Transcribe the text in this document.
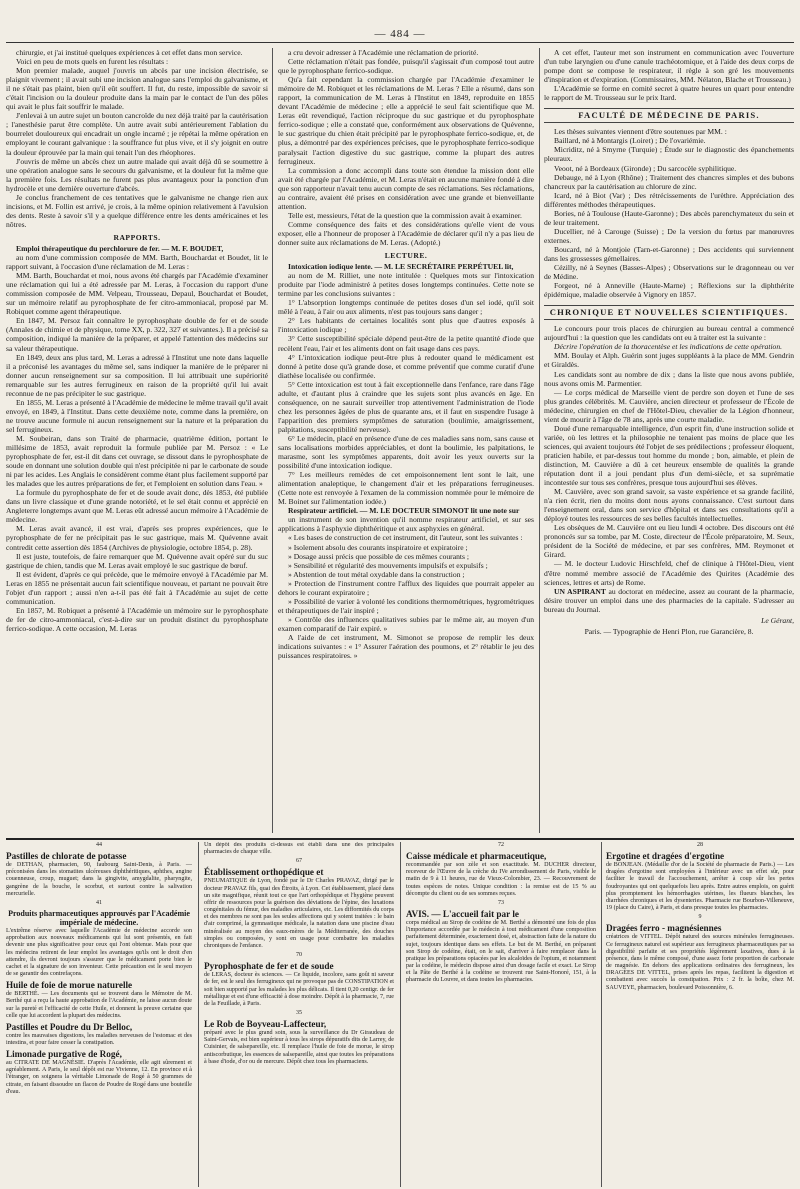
— 484 —

chirurgie, et j'ai institué quelques expériences à cet effet dans mon service.

Voici en peu de mots quels en furent les résultats :

Mon premier malade, auquel j'ouvris un abcès par une incision électrisée, se plaignit vivement ; il avait subi une incision analogue sans l'emploi du galvanisme, et il ne s'était pas plaint, bien qu'il eût souffert. Il fut, du reste, impossible de savoir si c'était l'incision ou la douleur produite dans la main par le contact de l'un des pôles qui avait le plus fait souffrir le malade.

J'enlevai à un autre sujet un bouton cancroïde du nez déjà traité par la cautérisation ; l'anesthésie parut être complète. Un autre avait subi antérieurement l'ablation du bourrelet douloureux qui encadrait un ongle incarné ; je répétai la même opération en employant le courant galvanique : la souffrance fut plus vive, et il s'y joignit en outre la douleur éprouvée par la main qui tenait l'un des rhéophores.

J'ouvris de même un abcès chez un autre malade qui avait déjà dû se soumettre à une opération analogue sans le secours du galvanisme, et la douleur fut la même que la première fois. Les résultats ne furent pas plus avantageux pour la ponction d'un hydrocèle et une dernière ouverture d'abcès.

Je conclus franchement de ces tentatives que le galvanisme ne change rien aux incisions, et M. Follin est arrivé, je crois, à la même opinion relativement à l'avulsion des dents. Reste à savoir s'il y a quelque différence entre les dents américaines et les nôtres.

RAPPORTS.

Emploi thérapeutique du perchlorure de fer. — M. F. BOUDET,

au nom d'une commission composée de MM. Barth, Bouchardat et Boudet, lit le rapport suivant, à l'occasion d'une réclamation de M. Leras :

MM. Barth, Bouchardat et moi, nous avons été chargés par l'Académie d'examiner une réclamation qui lui a été adressée par M. Leras, à l'occasion du rapport d'une commission composée de MM. Velpeau, Trousseau, Depaul, Bouchardat et Boudet, sur un mémoire relatif au pyrophosphate de fer citro-ammoniacal, proposé par M. Robiquet comme agent thérapeutique.

En 1847, M. Persoz fait connaître le pyrophosphate double de fer et de soude (Annales de chimie et de physique, tome XX, p. 322, 327 et suivantes.). Il a précisé sa composition, indiqué la manière de la préparer, et appelé l'attention des médecins sur sa valeur thérapeutique.

En 1849, deux ans plus tard, M. Leras a adressé à l'Institut une note dans laquelle il a préconisé les avantages du même sel, sans indiquer la manière de le préparer ni donner aucun renseignement sur sa composition. Il lui attribuait une supériorité remarquable sur les autres ferrugineux en raison de la propriété qu'il lui avait reconnue de ne pas précipiter le suc gastrique.

En 1855, M. Leras a présenté à l'Académie de médecine le même travail qu'il avait envoyé, en 1849, à l'Institut. Dans cette deuxième note, comme dans la première, on ne trouve aucune formule ni aucun renseignement sur la nature et la préparation du sel ferrugineux.

M. Soubeiran, dans son Traité de pharmacie, quatrième édition, portant le millésime de 1853, avait reproduit la formule publiée par M. Persoz : « Le pyrophosphate de fer, est-il dit dans cet ouvrage, se dissout dans le pyrophosphate de soude en donnant une solution double qui n'est précipitée ni par le carbonate de soude ni par les acides. Les Anglais le considèrent comme étant plus facilement supporté par les malades que les autres préparations de fer, et l'emploient en solution dans l'eau. »

La formule du pyrophosphate de fer et de soude avait donc, dès 1853, été publiée dans un livre classique et d'une grande notoriété, et le sel était connu et apprécié en Angleterre longtemps avant que M. Leras eût adressé aucun mémoire à l'Académie de médecine.

M. Leras avait avancé, il est vrai, d'après ses propres expériences, que le pyrophosphate de fer ne précipitait pas le suc gastrique, mais M. Quévenne avait contredit cette assertion dès 1854 (Archives de physiologie, octobre 1854, p. 28).

Il est juste, toutefois, de faire remarquer que M. Quévenne avait opéré sur du suc gastrique de chien, tandis que M. Leras avait employé le suc gastrique de bœuf.

Il est évident, d'après ce qui précède, que le mémoire envoyé à l'Académie par M. Leras en 1855 ne présentait aucun fait scientifique nouveau, et partant ne pouvait être l'objet d'un rapport ; aussi n'en a-t-il pas été fait à l'Académie au sujet de cette communication.

En 1857, M. Robiquet a présenté à l'Académie un mémoire sur le pyrophosphate de fer de citro-ammoniacal, c'est-à-dire sur un produit distinct du pyrophosphate ferrico-sodique. A cette occasion, M. Leras

a cru devoir adresser à l'Académie une réclamation de priorité.

Cette réclamation n'était pas fondée, puisqu'il s'agissait d'un composé tout autre que le pyrophosphate ferrico-sodique.

Qu'a fait cependant la commission chargée par l'Académie d'examiner le mémoire de M. Robiquet et les réclamations de M. Leras ? Elle a résumé, dans son rapport, la communication de M. Leras à l'Institut en 1849, reproduite en 1855 devant l'Académie de médecine ; elle a apprécié le seul fait scientifique que M. Leras eût revendiqué, l'action réciproque du suc gastrique et du pyrophosphate ferrico-sodique ; elle a constaté que, conformément aux observations de Quévenne, le suc gastrique du chien était précipité par le pyrophosphate ferrico-sodique, et, de plus, a démontré par des expériences précises, que le pyrophosphate ferrico-sodique paralysait l'action digestive du suc gastrique, comme la plupart des autres ferrugineux.

La commission a donc accompli dans toute son étendue la mission dont elle avait été chargée par l'Académie, et M. Leras n'était en aucune manière fondé à dire que son rapporteur n'avait tenu aucun compte de ses réclamations. Ses réclamations, au contraire, avaient été prises en considération avec une grande et bienveillante attention.

Telle est, messieurs, l'état de la question que la commission avait à examiner.

Comme conséquence des faits et des considérations qu'elle vient de vous exposer, elle a l'honneur de proposer à l'Académie de déclarer qu'il n'y a pas lieu de donner suite aux réclamations de M. Leras. (Adopté.)

LECTURE.

Intoxication iodique lente. — M. LE SECRÉTAIRE PERPÉTUEL lit,

au nom de M. Rilliet, une note intitulée : Quelques mots sur l'intoxication produite par l'iode administré à petites doses longtemps continuées. Cette note se termine par les conclusions suivantes :

1° L'absorption longtemps continuée de petites doses d'un sel iodé, qu'il soit mêlé à l'eau, à l'air ou aux aliments, n'est pas toujours sans danger ;

2° Les habitants de certaines localités sont plus que d'autres exposés à l'intoxication iodique ;

3° Cette susceptibilité spéciale dépend peut-être de la petite quantité d'iode que recèlent l'eau, l'air et les aliments dont on fait usage dans ces pays.

4° L'intoxication iodique peut-être plus à redouter quand le médicament est donné à petite dose qu'à grande dose, et comme préventif que comme curatif d'une diathèse localisée ou confirmée.

5° Cette intoxication est tout à fait exceptionnelle dans l'enfance, rare dans l'âge adulte, et d'autant plus à craindre que les sujets sont plus avancés en âge. En conséquence, on ne saurait surveiller trop attentivement l'administration de l'iode chez les personnes âgées de plus de quarante ans, et il faut en suspendre l'usage à l'apparition des premiers symptômes de saturation (boulimie, amaigrissement, palpitations, susceptibilité nerveuse).

6° Le médecin, placé en présence d'une de ces maladies sans nom, sans cause et sans localisations morbides appréciables, et dont la boulimie, les palpitations, le marasme, sont les symptômes apparents, doit avoir les yeux ouverts sur la possibilité d'une intoxication iodique.

7° Les meilleurs remèdes de cet empoisonnement lent sont le lait, une alimentation analeptique, le changement d'air et les préparations ferrugineuses. (Cette note est renvoyée à l'examen de la commission nommée pour le mémoire de M. Boinet sur l'alimentation iodée.)

Respirateur artificiel. — M. LE DOCTEUR SIMONOT lit une note sur

un instrument de son invention qu'il nomme respirateur artificiel, et sur ses applications à l'asphyxie diphthéritique et aux asphyxies en général.

« Les bases de construction de cet instrument, dit l'auteur, sont les suivantes :

» Isolement absolu des courants inspiratoire et expiratoire ;

» Dosage aussi précis que possible de ces mêmes courants ;

» Sensibilité et régularité des mouvements impulsifs et expulsifs ;

» Abstention de tout métal oxydable dans la construction ;

» Protection de l'instrument contre l'afflux des liquides que pourrait appeler au dehors le courant expiratoire ;

» Possibilité de varier à volonté les conditions thermométriques, hygrométriques et thérapeutiques de l'air inspiré ;

» Contrôle des influences qualitatives subies par le même air, au moyen d'un examen comparatif de l'air expiré. »

A l'aide de cet instrument, M. Simonot se propose de remplir les deux indications suivantes : « 1° Assurer l'aération des poumons, et 2° rétablir le jeu des puissances respiratoires. »

A cet effet, l'auteur met son instrument en communication avec l'ouverture d'un tube laryngien ou d'une canule trachéotomique, et à l'aide des deux corps de pompe dont se compose le respirateur, il règle à son gré les mouvements d'inspiration et d'expiration. (Commissaires, MM. Nélaton, Blache et Trousseau.)

L'Académie se forme en comité secret à quatre heures un quart pour entendre le rapport de M. Trousseau sur le prix Itard.

FACULTÉ DE MÉDECINE DE PARIS.

Les thèses suivantes viennent d'être soutenues par MM. :

Baillard, né à Montargis (Loiret) ; De l'ovariémie.

Micriditz, né à Smyrne (Turquie) ; Étude sur le diagnostic des épanchements pleuraux.

Veoot, né à Bordeaux (Gironde) ; Du sarcocèle syphilitique.

Debauge, né à Lyon (Rhône) ; Traitement des chancres simples et des bubons chancreux par la cautérisation au chlorure de zinc.

Icard, né à Biot (Var) ; Des rétrécissements de l'urèthre. Appréciation des différentes méthodes thérapeutiques.

Bories, né à Toulouse (Haute-Garonne) ; Des abcès parenchymateux du sein et de leur traitement.

Ducellier, né à Carouge (Suisse) ; De la version du fœtus par manœuvres externes.

Boucard, né à Montjoie (Tarn-et-Garonne) ; Des accidents qui surviennent dans les grossesses gémellaires.

Cézilly, né à Seynes (Basses-Alpes) ; Observations sur le dragonneau ou ver de Médine.

Forgeot, né à Anneville (Haute-Marne) ; Réflexions sur la diphthérite épidémique, maladie observée à Vignory en 1857.

CHRONIQUE ET NOUVELLES SCIENTIFIQUES.

Le concours pour trois places de chirurgien au bureau central a commencé aujourd'hui : la question que les candidats ont eu à traiter est la suivante :

Décrire l'opération de la thoracentèse et les indications de cette opération.

MM. Boulay et Alph. Guérin sont juges suppléants à la place de MM. Gendrin et Giraldès.

Les candidats sont au nombre de dix ; dans la liste que nous avons publiée, nous avons omis M. Parmentier.

— Le corps médical de Marseille vient de perdre son doyen et l'une de ses plus grandes célébrités. M. Cauvière, ancien directeur et professeur de l'École de médecine, chirurgien en chef de l'Hôtel-Dieu, chevalier de la Légion d'honneur, vient de mourir à l'âge de 78 ans, après une courte maladie.

Doué d'une remarquable intelligence, d'un esprit fin, d'une instruction solide et variée, où les lettres et la philosophie ne tenaient pas moins de place que les sciences, qui avaient toujours été l'objet de ses prédilections ; professeur éloquent, praticien habile, et par-dessus tout homme du monde ; bon, aimable, et plein de distinction, M. Cauvière a dû à cet heureux ensemble de qualités la grande réputation dont il a joui pendant plus d'un demi-siècle, et sa suprématie incontestée sur tous ses confrères, presque tous aujourd'hui ses élèves.

M. Cauvière, avec son grand savoir, sa vaste expérience et sa grande facilité, n'a rien écrit, rien du moins dont nous ayons connaissance. C'est surtout dans l'enseignement oral, dans son service d'hôpital et dans ses consultations qu'il a déployé toutes les ressources de ses belles facultés intellectuelles.

Les obsèques de M. Cauvière ont eu lieu lundi 4 octobre. Des discours ont été prononcés sur sa tombe, par M. Coste, directeur de l'École préparatoire, M. Seux, président de la Société de médecine, et par ses confrères, MM. Reymonet et Girard.

— M. le docteur Ludovic Hirschfeld, chef de clinique à l'Hôtel-Dieu, vient d'être nommé membre associé de l'Académie des Quirites (Académie des sciences, lettres et arts) de Rome.

UN ASPIRANT au doctorat en médecine, assez au courant de la pharmacie, désire trouver un emploi dans une des pharmacies de la capitale. S'adresser au bureau du Journal.

Le Gérant,
Paris. — Typographie de Henri Plon, rue Garancière, 8.
44
Pastilles de chlorate de potasse

de DETHAN, pharmacien, 90, faubourg Saint-Denis, à Paris. — préconisées dans les stomatites ulcéreuses diphthéritiques, aphthes, angine couenneuse, croup, muguet; dans la gingivite, amygdalite, pharyngite, gangrène de la bouche, le scorbut, et surtout contre la salivation mercurielle.

41
Produits pharmaceutiques approuvés par l'Académie impériale de médecine.

L'extrême réserve avec laquelle l'Académie de médecine accorde son approbation aux nouveaux médicaments qui lui sont présentés, en fait devenir une plus significative pour ceux qui l'ont obtenue. Mais pour que les médecins retirent de leur emploi les avantages qu'ils ont le droit d'en attendre, ils devront toujours s'assurer que le médicament porte bien le cachet et la signature de son inventeur. Cette précaution est le seul moyen de se garantir des contrefaçons.

Huile de foie de morue naturelle

de BERTHÉ. — Les documents qui se trouvent dans le Mémoire de M. Berthé qui a reçu la haute approbation de l'Académie, ne laisse aucun doute sur la pureté et l'efficacité de cette Huile, et donnent la preuve certaine que celle que lui accordent la plupart des médecins.

Pastilles et Poudre du Dr Belloc,

contre les mauvaises digestions, les maladies nerveuses de l'estomac et des intestins, et pour faire cesser la constipation.

Limonade purgative de Rogé,

au CITRATE DE MAGNÉSIE. D'après l'Académie, elle agit sûrement et agréablement. A Paris, le seul dépôt est rue Vivienne, 12. En province et à l'étranger, on soignera la véritable Limonade de Rogé à 50 grammes de citrate, en faisant dissoudre un flacon de Poudre de Rogé dans une bouteille d'eau.

Un dépôt des produits ci-dessus est établi dans une des principales pharmacies de chaque ville.

67
Établissement orthopédique et

PNEUMATIQUE de Lyon, fondé par le Dr Charles PRAVAZ, dirigé par le docteur PRAVAZ fils, quai des Étroits, à Lyon. Cet établissement, placé dans un site magnifique, réunit tout ce que l'art orthopédique et l'hygiène peuvent offrir de ressources pour la guérison des déviations de l'épine, des luxations congénitales du fémur, des maladies articulaires, etc. Les difformités du corps et des membres ne sont pas les seules affections qui y soient traitées : le bain d'air comprimé, la gymnastique médicale, la natation dans une piscine d'eau minéralisée au moyen des eaux-mères de la Méditerranée, des douches simples ou composées, y sont en usage pour combattre les maladies chroniques de l'enfance.

70
Pyrophosphate de fer et de soude

de LERAS, docteur ès sciences. — Ce liquide, incolore, sans goût ni saveur de fer, est le seul des ferrugineux qui ne provoque pas de CONSTIPATION et soit bien supporté par les malades les plus délicats. Il tient 0,20 centigr. de fer métallique et est d'une efficacité à dose moindre. Dépôt à la pharmacie, 7, rue de la Feuillade, à Paris.

35
Le Rob de Boyveau-Laffecteur,

préparé avec le plus grand soin, sous la surveillance du Dr Giraudeau de Saint-Gervais, est bien supérieur à tous les sirops dépuratifs dits de Larrey, de Cuisinier, de salsepareille, etc. Il remplace l'huile de foie de morue, le sirop antiscorbutique, les essences de salsepareille, ainsi que toutes les préparations à base d'iode, d'or ou de mercure. Dépôt chez tous les pharmaciens.

72
Caisse médicale et pharmaceutique,

recommandée par son zèle et son exactitude. M. DUCHER directeur, receveur de l'Œuvre de la crèche du IVe arrondissement de Paris, visible le matin de 9 à 11 heures, rue de Vieux-Colombier, 23. — Recouvrement de toutes espèces de notes. Unique condition : la remise est de 15 % au décompte du client ou de ses sommes reçues.

73
AVIS. — L'accueil fait par le

corps médical au Sirop de codéine de M. Berthé a démontré une fois de plus l'importance accordée par le médecin à tout médicament d'une composition parfaitement déterminée, exactement dosé, et, abstraction faite de la nature du sujet, toujours identique dans ses effets. Le but de M. Berthé, en préparant son Sirop de codéine, était, on le sait, d'arriver à faire remplacer dans la pratique les préparations opiacées par les alcaloïdes de l'opium, et notamment par la codéine, le médecin dispose ainsi d'un dosage facile et exact. Le Sirop et la Pâte de Berthé à la codéine se trouvent rue Saint-Honoré, 151, à la pharmacie du Louvre, et dans toutes les pharmacies.

28
Ergotine et dragées d'ergotine

de BONJEAN. (Médaille d'or de la Société de pharmacie de Paris.) — Les dragées d'ergotine sont employées à l'intérieur avec un effet sûr, pour faciliter le travail de l'accouchement, arrêter à coup sûr les pertes foudroyantes qui ont quelquefois lieu après. Entre autres emplois, on guérit plus promptement les hémorrhagies utérines, les flueurs blanches, les diarrhées chroniques et les dysenteries. Pharmacie rue Bourbon-Villeneuve, 19 (place du Caire), à Paris, et dans presque toutes les pharmacies.

9
Dragées ferro - magnésiennes

créatrices de VITTEL. Dépôt naturel des sources minérales ferrugineuses. Ce ferrugineux naturel est supérieur aux ferrugineux pharmaceutiques par sa digestibilité parfaite et ses propriétés légèrement laxatives, dues à la présence, dans le même composé, d'une assez forte proportion de carbonate de magnésie. En dehors des applications ordinaires des ferrugineux, les DRAGÉES DE VITTEL, prises après les repas, facilitent la digestion et combattent avec succès la constipation. Prix : 2 fr. la boîte, chez M. SAUVEYE, pharmacien, boulevard Poissonnière, 6.
